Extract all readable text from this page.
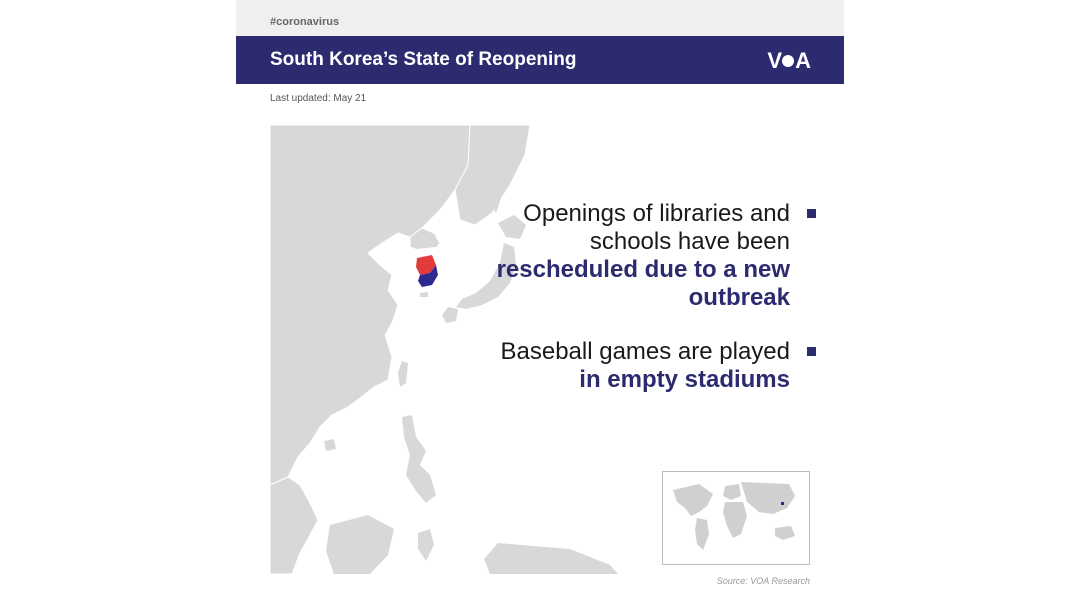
#coronavirus
South Korea’s State of Reopening	V A
Last updated: May 21
Openings of libraries and schools have been
rescheduled due to a new outbreak
Baseball games are played
in empty stadiums
Source: VOA Research
